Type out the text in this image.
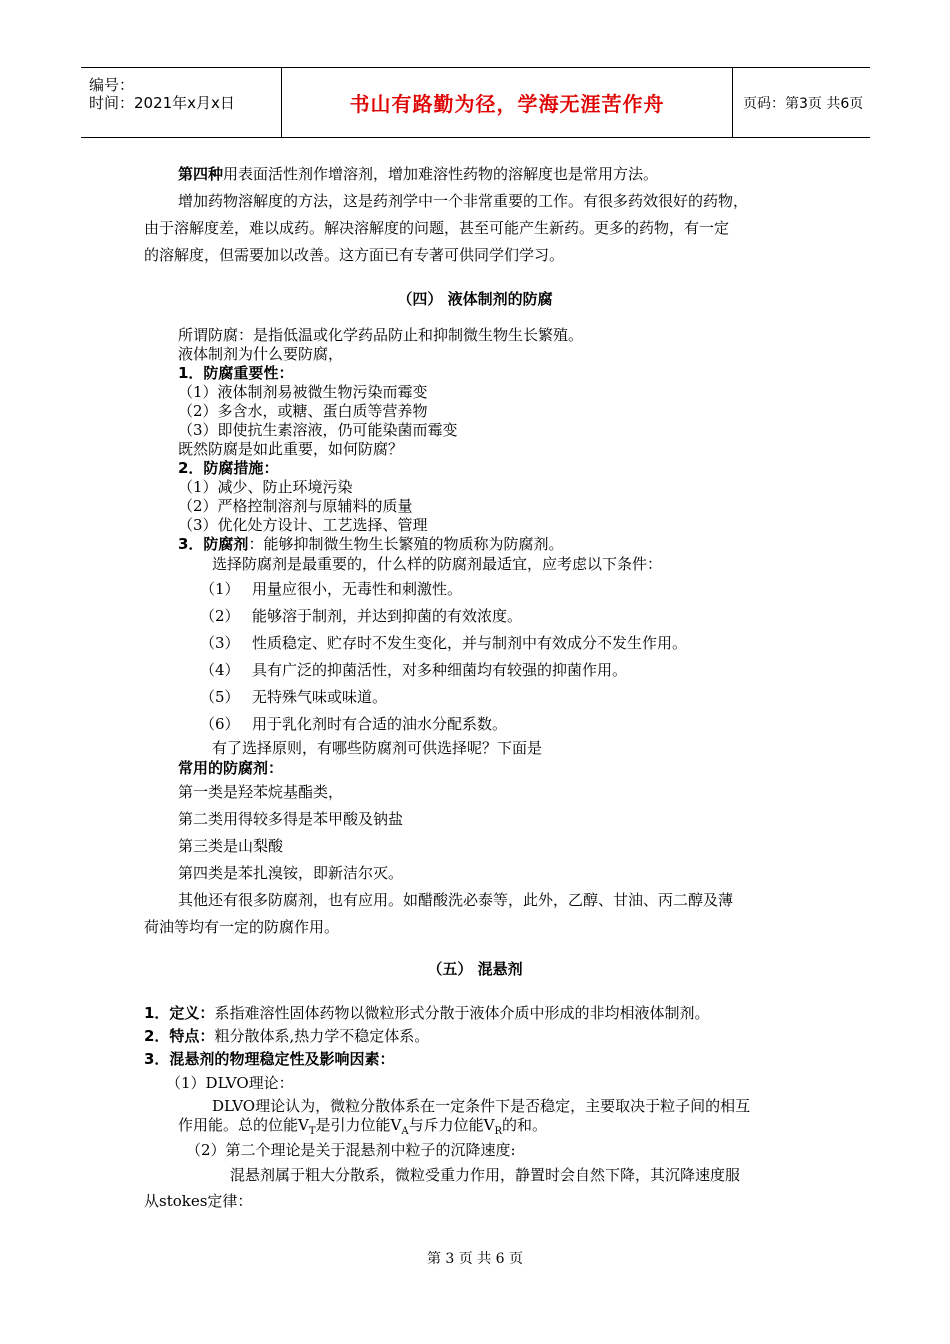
编号：
时间：2021年x月x日	书山有路勤为径，学海无涯苦作舟	页码：第3页 共6页
第四种用表面活性剂作增溶剂，增加难溶性药物的溶解度也是常用方法。
增加药物溶解度的方法，这是药剂学中一个非常重要的工作。有很多药效很好的药物，
由于溶解度差，难以成药。解决溶解度的问题，甚至可能产生新药。更多的药物，有一定
的溶解度，但需要加以改善。这方面已有专著可供同学们学习。
（四） 液体制剂的防腐
所谓防腐：是指低温或化学药品防止和抑制微生物生长繁殖。
液体制剂为什么要防腐，
1．防腐重要性：
（1）液体制剂易被微生物污染而霉变
（2）多含水，或糖、蛋白质等营养物
（3）即使抗生素溶液，仍可能染菌而霉变
既然防腐是如此重要，如何防腐？
2．防腐措施：
（1）减少、防止环境污染
（2）严格控制溶剂与原辅料的质量
（3）优化处方设计、工艺选择、管理
3．防腐剂：能够抑制微生物生长繁殖的物质称为防腐剂。
选择防腐剂是最重要的，什么样的防腐剂最适宜，应考虑以下条件：
（1） 用量应很小，无毒性和刺激性。
（2） 能够溶于制剂，并达到抑菌的有效浓度。
（3） 性质稳定、贮存时不发生变化，并与制剂中有效成分不发生作用。
（4） 具有广泛的抑菌活性，对多种细菌均有较强的抑菌作用。
（5） 无特殊气味或味道。
（6） 用于乳化剂时有合适的油水分配系数。
有了选择原则，有哪些防腐剂可供选择呢？下面是
常用的防腐剂：
第一类是羟苯烷基酯类，
第二类用得较多得是苯甲酸及钠盐
第三类是山梨酸
第四类是苯扎溴铵，即新洁尔灭。
其他还有很多防腐剂，也有应用。如醋酸洗必泰等，此外，乙醇、甘油、丙二醇及薄
荷油等均有一定的防腐作用。
（五） 混悬剂
1．定义：系指难溶性固体药物以微粒形式分散于液体介质中形成的非均相液体制剂。
2．特点：粗分散体系,热力学不稳定体系。
3．混悬剂的物理稳定性及影响因素：
（1）DLVO理论：
DLVO理论认为，微粒分散体系在一定条件下是否稳定，主要取决于粒子间的相互
作用能。总的位能$V_T$是引力位能$V_A$与斥力位能$V_R$的和。
（2）第二个理论是关于混悬剂中粒子的沉降速度:
混悬剂属于粗大分散系，微粒受重力作用，静置时会自然下降，其沉降速度服
从stokes定律：
第 3 页 共 6 页
